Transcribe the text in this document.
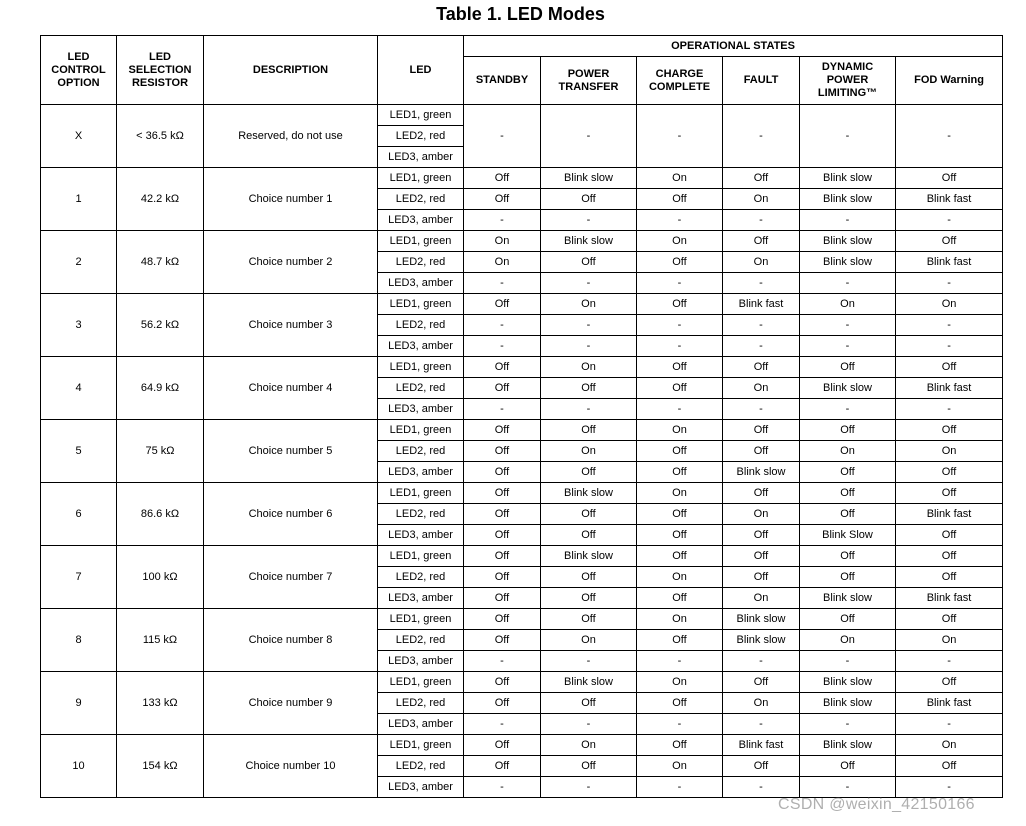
Table 1. LED Modes
LED CONTROL OPTION	LED SELECTION RESISTOR	DESCRIPTION	LED	OPERATIONAL STATES					
				STANDBY	POWER TRANSFER	CHARGE COMPLETE	FAULT	DYNAMIC POWER LIMITING™	FOD Warning
X	< 36.5 kΩ	Reserved, do not use	LED1, green	-	-	-	-	-	-
			LED2, red						
			LED3, amber						
1	42.2 kΩ	Choice number 1	LED1, green	Off	Blink slow	On	Off	Blink slow	Off
			LED2, red	Off	Off	Off	On	Blink slow	Blink fast
			LED3, amber	-	-	-	-	-	-
2	48.7 kΩ	Choice number 2	LED1, green	On	Blink slow	On	Off	Blink slow	Off
			LED2, red	On	Off	Off	On	Blink slow	Blink fast
			LED3, amber	-	-	-	-	-	-
3	56.2 kΩ	Choice number 3	LED1, green	Off	On	Off	Blink fast	On	On
			LED2, red	-	-	-	-	-	-
			LED3, amber	-	-	-	-	-	-
4	64.9 kΩ	Choice number 4	LED1, green	Off	On	Off	Off	Off	Off
			LED2, red	Off	Off	Off	On	Blink slow	Blink fast
			LED3, amber	-	-	-	-	-	-
5	75 kΩ	Choice number 5	LED1, green	Off	Off	On	Off	Off	Off
			LED2, red	Off	On	Off	Off	On	On
			LED3, amber	Off	Off	Off	Blink slow	Off	Off
6	86.6 kΩ	Choice number 6	LED1, green	Off	Blink slow	On	Off	Off	Off
			LED2, red	Off	Off	Off	On	Off	Blink fast
			LED3, amber	Off	Off	Off	Off	Blink Slow	Off
7	100 kΩ	Choice number 7	LED1, green	Off	Blink slow	Off	Off	Off	Off
			LED2, red	Off	Off	On	Off	Off	Off
			LED3, amber	Off	Off	Off	On	Blink slow	Blink fast
8	115 kΩ	Choice number 8	LED1, green	Off	Off	On	Blink slow	Off	Off
			LED2, red	Off	On	Off	Blink slow	On	On
			LED3, amber	-	-	-	-	-	-
9	133 kΩ	Choice number 9	LED1, green	Off	Blink slow	On	Off	Blink slow	Off
			LED2, red	Off	Off	Off	On	Blink slow	Blink fast
			LED3, amber	-	-	-	-	-	-
10	154 kΩ	Choice number 10	LED1, green	Off	On	Off	Blink fast	Blink slow	On
			LED2, red	Off	Off	On	Off	Off	Off
			LED3, amber	-	-	-	-	-	-
CSDN @weixin_42150166
